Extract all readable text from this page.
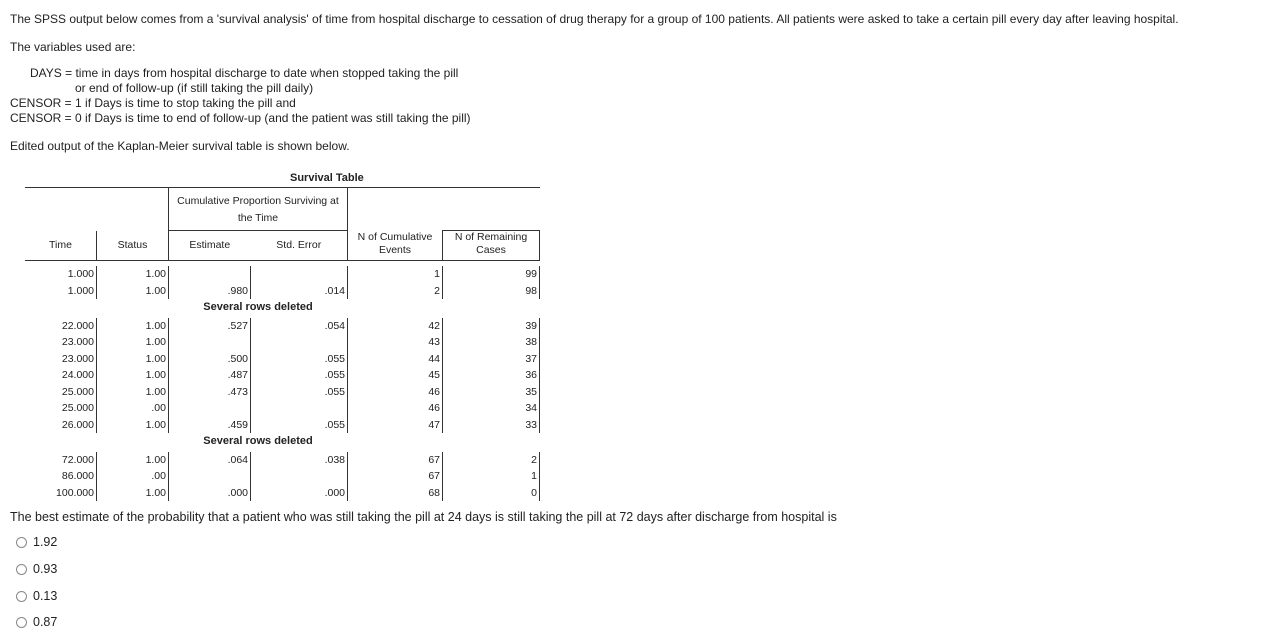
The SPSS output below comes from a 'survival analysis' of time from hospital discharge to cessation of drug therapy for a group of 100 patients. All patients were asked to take a certain pill every day after leaving hospital.
The variables used are:
DAYS = time in days from hospital discharge to date when stopped taking the pill
or end of follow-up (if still taking the pill daily)
CENSOR = 1 if Days is time to stop taking the pill and
CENSOR = 0 if Days is time to end of follow-up (and the patient was still taking the pill)
Edited output of the Kaplan-Meier survival table is shown below.
Survival Table
		Cumulative Proportion Surviving at the Time			
Time	Status	Estimate	Std. Error	N of Cumulative Events	N of Remaining Cases

1.000	1.00			1	99
1.000	1.00	.980	.014	2	98
		Several rows deleted			

22.000	1.00	.527	.054	42	39
23.000	1.00			43	38
23.000	1.00	.500	.055	44	37
24.000	1.00	.487	.055	45	36
25.000	1.00	.473	.055	46	35
25.000	.00			46	34
26.000	1.00	.459	.055	47	33
		Several rows deleted			

72.000	1.00	.064	.038	67	2
86.000	.00			67	1
100.000	1.00	.000	.000	68	0
The best estimate of the probability that a patient who was still taking the pill at 24 days is still taking the pill at 72 days after discharge from hospital is
1.92
0.93
0.13
0.87
